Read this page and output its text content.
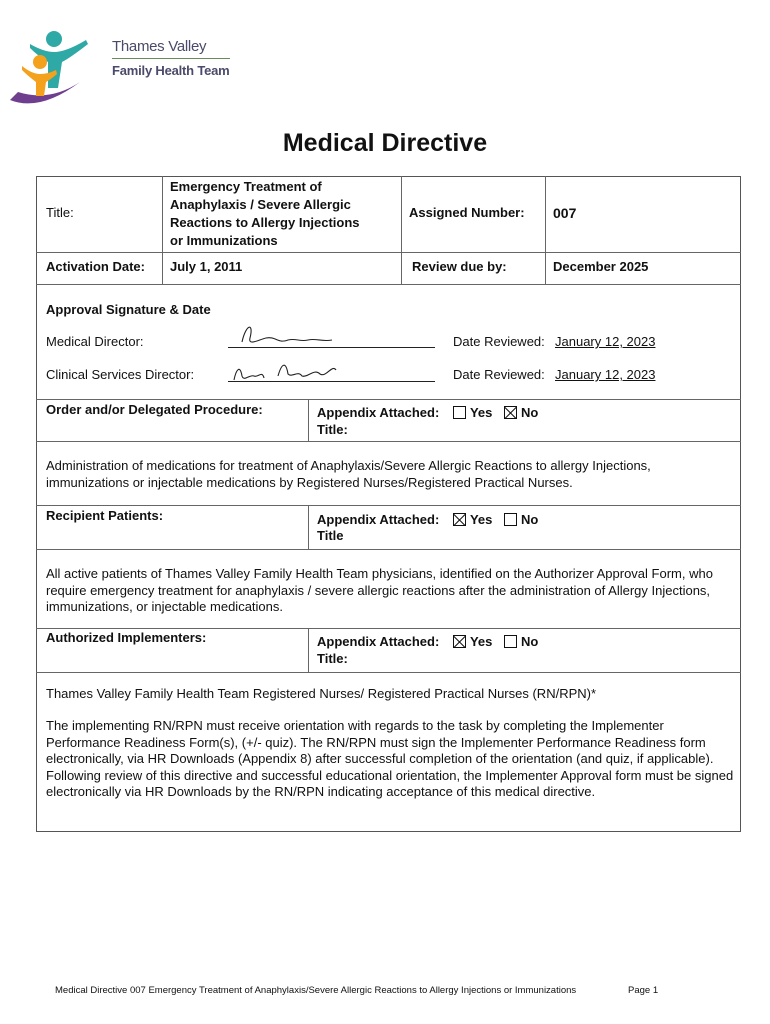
Thames Valley
Family Health Team
Medical Directive
Title:
Emergency Treatment of
Anaphylaxis / Severe Allergic
Reactions to Allergy Injections
or Immunizations
Assigned Number: 007
Activation Date: July 1, 2011	Review due by:	December 2025
Approval Signature & Date
Medical Director:	Date Reviewed: January 12, 2023
Clinical Services Director:	Date Reviewed: January 12, 2023
Order and/or Delegated Procedure:	Appendix Attached: Yes No
Title:
Administration of medications for treatment of Anaphylaxis/Severe Allergic Reactions to allergy Injections, immunizations or injectable medications by Registered Nurses/Registered Practical Nurses.
Recipient Patients:	Appendix Attached: Yes No
Title
All active patients of Thames Valley Family Health Team physicians, identified on the Authorizer Approval Form, who require emergency treatment for anaphylaxis / severe allergic reactions after the administration of Allergy Injections, immunizations, or injectable medications.
Authorized Implementers:	Appendix Attached: Yes No
Title:
Thames Valley Family Health Team Registered Nurses/ Registered Practical Nurses (RN/RPN)*
The implementing RN/RPN must receive orientation with regards to the task by completing the Implementer Performance Readiness Form(s), (+/- quiz). The RN/RPN must sign the Implementer Performance Readiness form electronically, via HR Downloads (Appendix 8) after successful completion of the orientation (and quiz, if applicable). Following review of this directive and successful educational orientation, the Implementer Approval form must be signed electronically via HR Downloads by the RN/RPN indicating acceptance of this medical directive.
Medical Directive 007 Emergency Treatment of Anaphylaxis/Severe Allergic Reactions to Allergy Injections or Immunizations	Page 1
